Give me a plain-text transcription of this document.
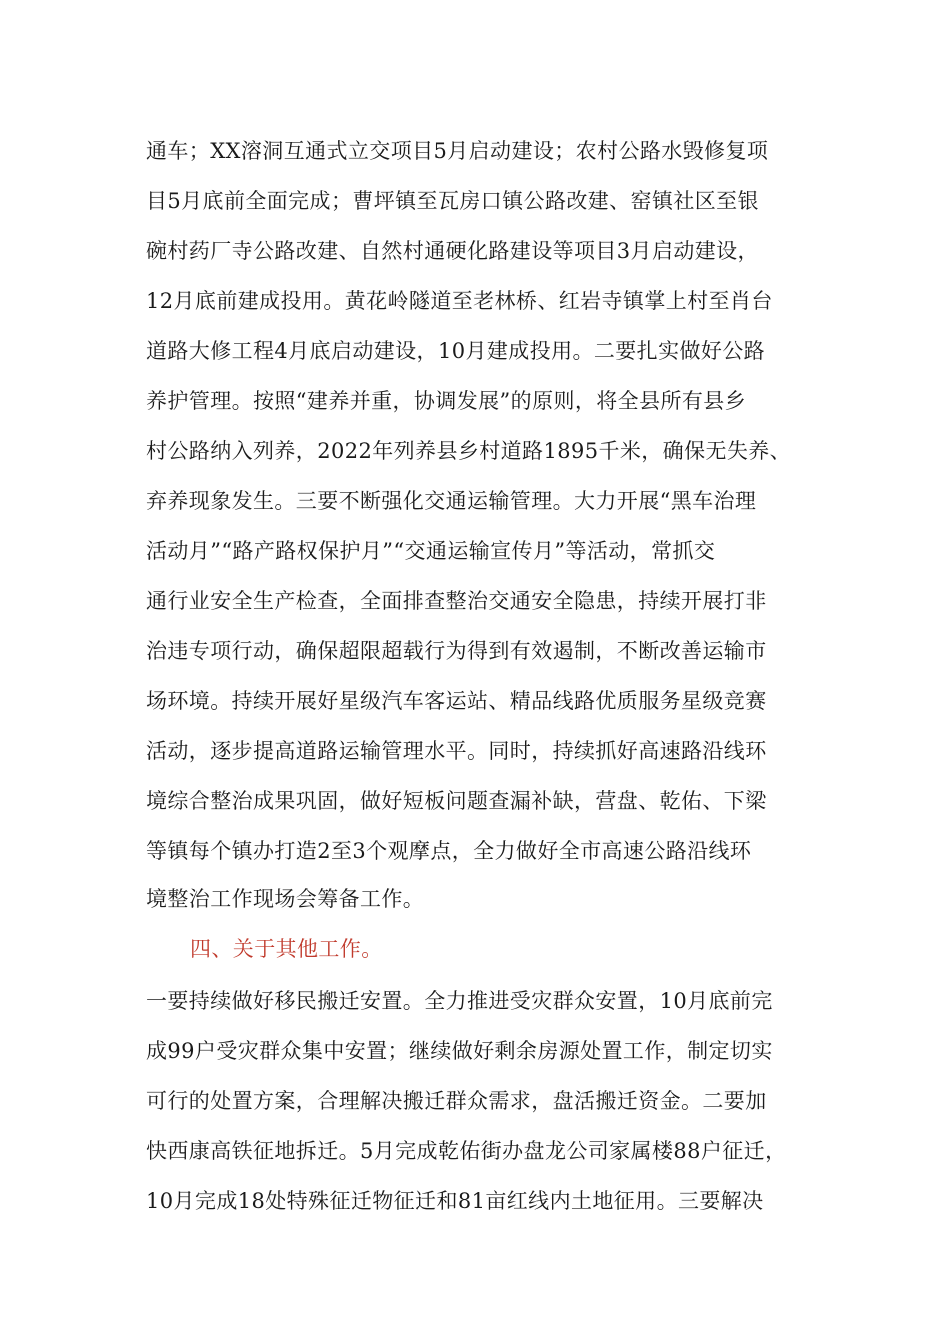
通车；XX溶洞互通式立交项目5月启动建设；农村公路水毁修复项
目5月底前全面完成；曹坪镇至瓦房口镇公路改建、窑镇社区至银
碗村药厂寺公路改建、自然村通硬化路建设等项目3月启动建设，
12月底前建成投用。黄花岭隧道至老林桥、红岩寺镇掌上村至肖台
道路大修工程4月底启动建设，10月建成投用。二要扎实做好公路
养护管理。按照“建养并重，协调发展”的原则，将全县所有县乡
村公路纳入列养，2022年列养县乡村道路1895千米，确保无失养、
弃养现象发生。三要不断强化交通运输管理。大力开展“黑车治理
活动月”“路产路权保护月”“交通运输宣传月”等活动，常抓交
通行业安全生产检查，全面排查整治交通安全隐患，持续开展打非
治违专项行动，确保超限超载行为得到有效遏制，不断改善运输市
场环境。持续开展好星级汽车客运站、精品线路优质服务星级竞赛
活动，逐步提高道路运输管理水平。同时，持续抓好高速路沿线环
境综合整治成果巩固，做好短板问题查漏补缺，营盘、乾佑、下梁
等镇每个镇办打造2至3个观摩点，全力做好全市高速公路沿线环
境整治工作现场会筹备工作。
四、关于其他工作。
一要持续做好移民搬迁安置。全力推进受灾群众安置，10月底前完
成99户受灾群众集中安置；继续做好剩余房源处置工作，制定切实
可行的处置方案，合理解决搬迁群众需求，盘活搬迁资金。二要加
快西康高铁征地拆迁。5月完成乾佑街办盘龙公司家属楼88户征迁，
10月完成18处特殊征迁物征迁和81亩红线内土地征用。三要解决
